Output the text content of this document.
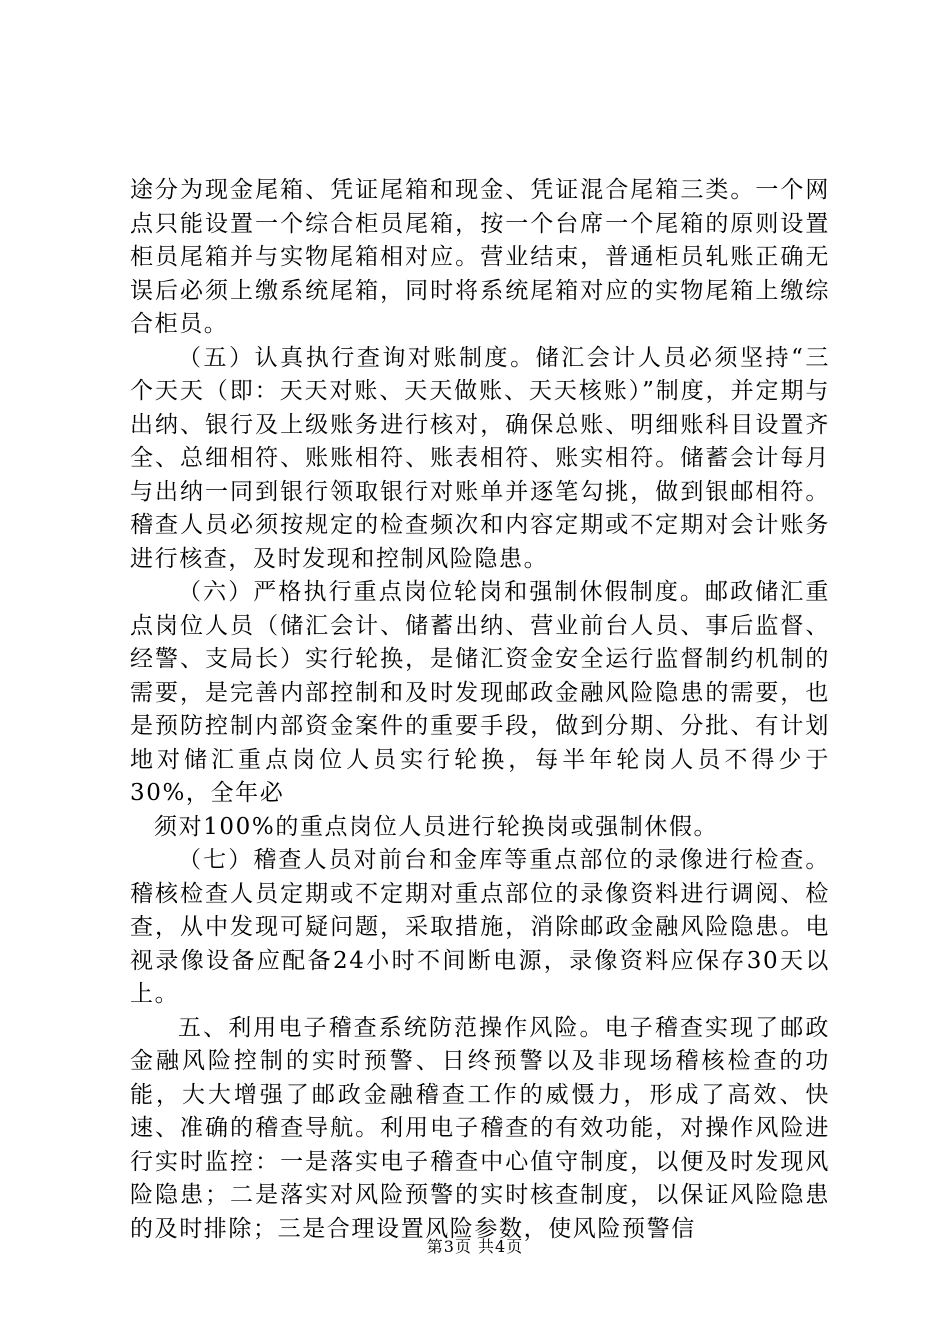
途分为现金尾箱、凭证尾箱和现金、凭证混合尾箱三类。一个网点只能设置一个综合柜员尾箱，按一个台席一个尾箱的原则设置柜员尾箱并与实物尾箱相对应。营业结束，普通柜员轧账正确无误后必须上缴系统尾箱，同时将系统尾箱对应的实物尾箱上缴综合柜员。

（五）认真执行查询对账制度。储汇会计人员必须坚持“三个天天（即：天天对账、天天做账、天天核账）”制度，并定期与出纳、银行及上级账务进行核对，确保总账、明细账科目设置齐全、总细相符、账账相符、账表相符、账实相符。储蓄会计每月与出纳一同到银行领取银行对账单并逐笔勾挑，做到银邮相符。稽查人员必须按规定的检查频次和内容定期或不定期对会计账务进行核查，及时发现和控制风险隐患。

（六）严格执行重点岗位轮岗和强制休假制度。邮政储汇重点岗位人员（储汇会计、储蓄出纳、营业前台人员、事后监督、经警、支局长）实行轮换，是储汇资金安全运行监督制约机制的需要，是完善内部控制和及时发现邮政金融风险隐患的需要，也是预防控制内部资金案件的重要手段，做到分期、分批、有计划地对储汇重点岗位人员实行轮换，每半年轮岗人员不得少于30%，全年必

须对100%的重点岗位人员进行轮换岗或强制休假。

（七）稽查人员对前台和金库等重点部位的录像进行检查。稽核检查人员定期或不定期对重点部位的录像资料进行调阅、检查，从中发现可疑问题，采取措施，消除邮政金融风险隐患。电视录像设备应配备24小时不间断电源，录像资料应保存30天以上。

五、利用电子稽查系统防范操作风险。电子稽查实现了邮政金融风险控制的实时预警、日终预警以及非现场稽核检查的功能，大大增强了邮政金融稽查工作的威慑力，形成了高效、快速、准确的稽查导航。利用电子稽查的有效功能，对操作风险进行实时监控：一是落实电子稽查中心值守制度，以便及时发现风险隐患；二是落实对风险预警的实时核查制度，以保证风险隐患的及时排除；三是合理设置风险参数，使风险预警信

第3页 共4页
